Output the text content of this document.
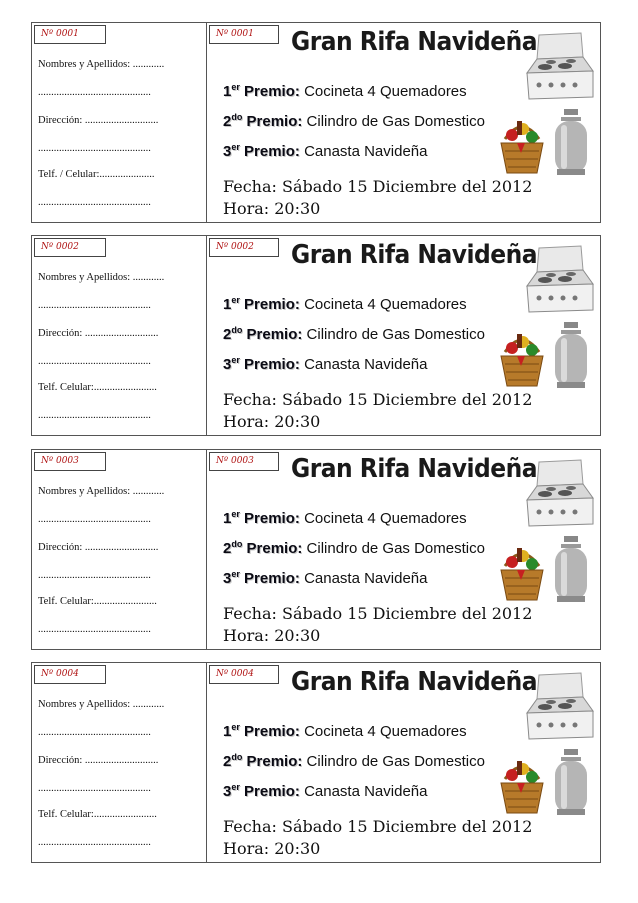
Nº 0001
Nombres y Apellidos: ............
...........................................
Dirección: ............................
...........................................
Telf. / Celular:.....................
...........................................
Nº 0001	Gran Rifa Navideña
1er Premio: Cocineta 4 Quemadores
$2^{do}$ Premio: Cilindro de Gas Domestico
3er Premio: Canasta Navideña
Fecha: Sábado 15 Diciembre del 2012
Hora: 20:30
Nº 0002
Nombres y Apellidos: ............
...........................................
Dirección: ............................
...........................................
Telf. Celular:........................
...........................................
Nº 0002	Gran Rifa Navideña
1er Premio: Cocineta 4 Quemadores
$2^{do}$ Premio: Cilindro de Gas Domestico
3er Premio: Canasta Navideña
Fecha: Sábado 15 Diciembre del 2012
Hora: 20:30
Nº 0003
Nombres y Apellidos: ............
...........................................
Dirección: ............................
...........................................
Telf. Celular:........................
...........................................
Nº 0003	Gran Rifa Navideña
1er Premio: Cocineta 4 Quemadores
$2^{do}$ Premio: Cilindro de Gas Domestico
3er Premio: Canasta Navideña
Fecha: Sábado 15 Diciembre del 2012
Hora: 20:30
Nº 0004
Nombres y Apellidos: ............
...........................................
Dirección: ............................
...........................................
Telf. Celular:........................
...........................................
Nº 0004	Gran Rifa Navideña
1er Premio: Cocineta 4 Quemadores
$2^{do}$ Premio: Cilindro de Gas Domestico
3er Premio: Canasta Navideña
Fecha: Sábado 15 Diciembre del 2012
Hora: 20:30
